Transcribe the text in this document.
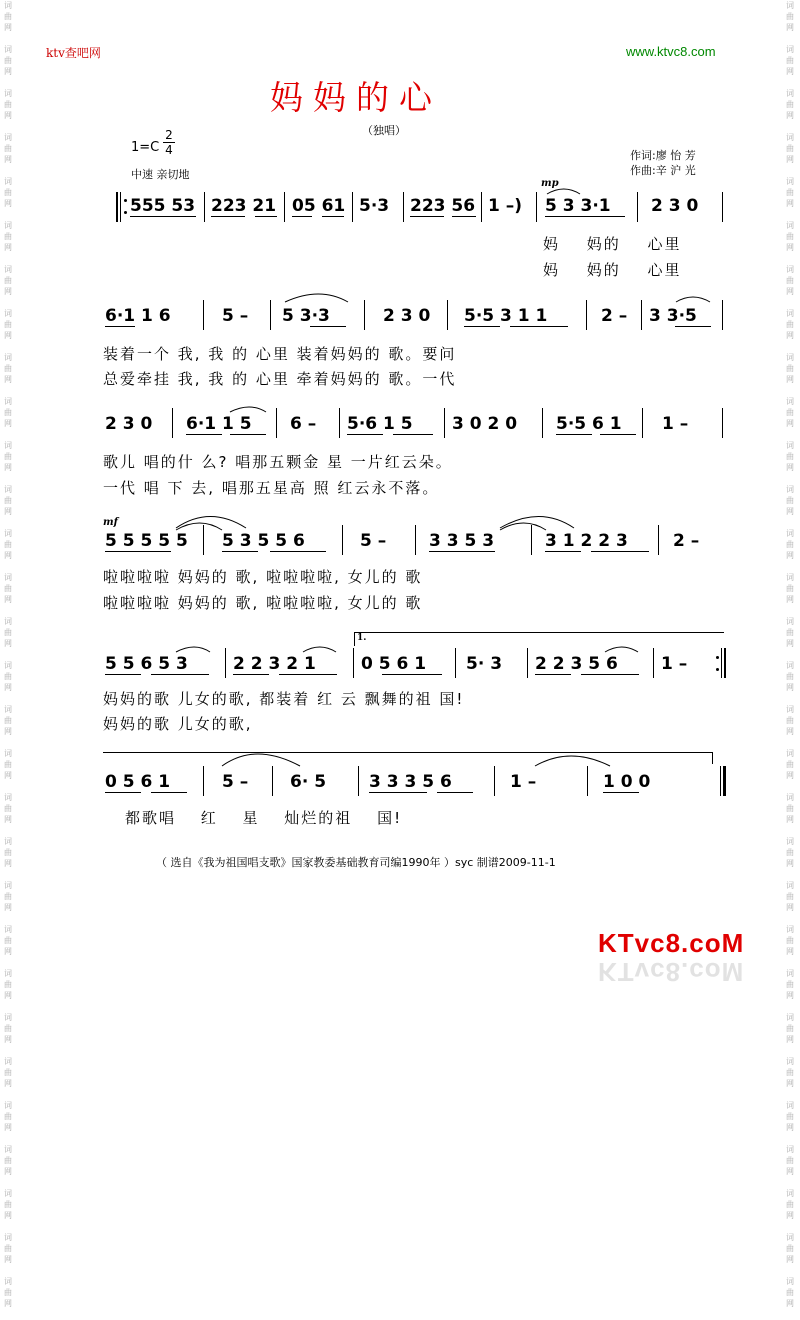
词
曲
网
词
曲
网
词
曲
网
词
曲
网
词
曲
网
词
曲
网
词
曲
网
词
曲
网
词
曲
网
词
曲
网
词
曲
网
词
曲
网
词
曲
网
词
曲
网
词
曲
网
词
曲
网
词
曲
网
词
曲
网
词
曲
网
词
曲
网
词
曲
网
词
曲
网
词
曲
网
词
曲
网
词
曲
网
词
曲
网
词
曲
网
词
曲
网
词
曲
网
词
曲
网
词
曲
网
词
曲
网
词
曲
网
词
曲
网
词
曲
网
词
曲
网
词
曲
网
词
曲
网
词
曲
网
词
曲
网
词
曲
网
词
曲
网
词
曲
网
词
曲
网
词
曲
网
词
曲
网
词
曲
网
词
曲
网
词
曲
网
词
曲
网
词
曲
网
词
曲
网
词
曲
网
词
曲
网
词
曲
网
词
曲
网
词
曲
网
词
曲
网
词
曲
网
词
曲
网
ktv查吧网	www.ktvc8.com
妈妈的心
（独唱）
$1=C \frac{2}{4}$
中速 亲切地
作词:廖 怡 芳
作曲:辛 沪 光
mp
mf
555 53 223 21 05 61 5·3 223 56 1 –) 5 3 3·1 2 3 0
妈 妈的 心里
妈 妈的 心里
6·1 1 6	5 – 5 3·3	2 3 0 5·5 3 1 1	2 – 3 3·5
装着一个 我, 我 的 心里 装着妈妈的 歌。要问
总爱牵挂 我, 我 的 心里 牵着妈妈的 歌。一代
2 3 0 6·1 1 5 6 – 5·6 1 5 3 0 2 0 5·5 6 1 1 –
歌儿 唱的什 么? 唱那五颗金 星 一片红云朵。
一代 唱 下 去, 唱那五星高 照 红云永不落。
5 5 5 5 5 5 3 5 5 6	5 –	3 3 5 3	3 1 2 2 3	2 –
啦啦啦啦 妈妈的 歌, 啦啦啦啦, 女儿的 歌
啦啦啦啦 妈妈的 歌, 啦啦啦啦, 女儿的 歌
1.
5 5 6 5 3	2 2 3 2 1	0 5 6 1 5· 3 2 2 3 5 6	1 –
妈妈的歌 儿女的歌, 都装着 红 云 飘舞的祖 国!
妈妈的歌 儿女的歌,
0 5 6 1	5 – 6· 5	3 3 3 5 6	1 –	1 0 0
都歌唱 红 星 灿烂的祖 国!
（ 选自《我为祖国唱支歌》国家教委基础教育司编1990年 ）syc 制谱2009-11-1
KTvc8.coM
KTvc8.coM
